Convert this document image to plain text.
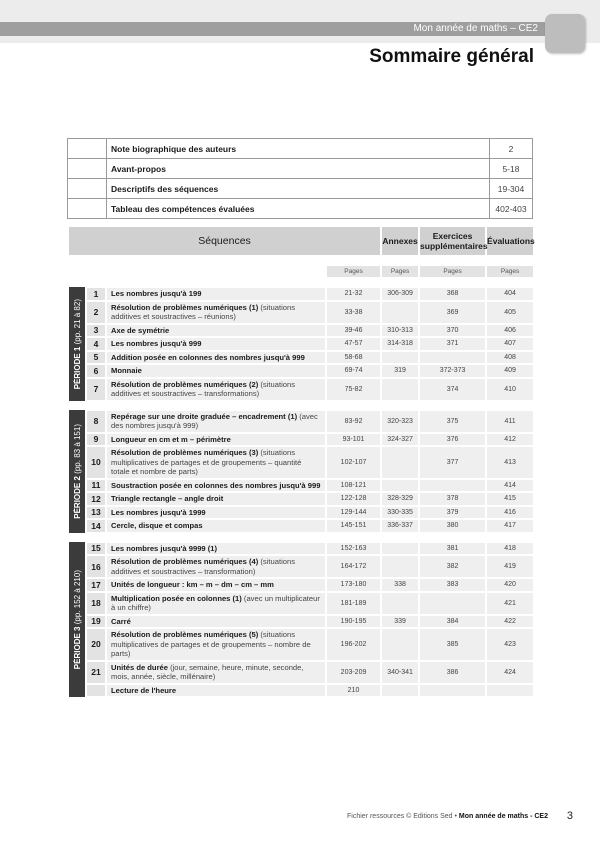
Mon année de maths – CE2
Sommaire général
	Note biographique des auteurs	2
	Avant-propos	5-18
	Descriptifs des séquences	19-304
	Tableau des compétences évaluées	402-403
Séquences				Annexes	Exercices supplémentaires	Évaluations

			Pages	Pages	Pages	Pages

PÉRIODE 1 (pp. 21 à 82)	1	Les nombres jusqu'à 199	21-32	306-309	368	404
	2	Résolution de problèmes numériques (1) (situations additives et soustractives – réunions)	33-38		369	405
	3	Axe de symétrie	39-46	310-313	370	406
	4	Les nombres jusqu'à 999	47-57	314-318	371	407
	5	Addition posée en colonnes des nombres jusqu'à 999	58-68			408
	6	Monnaie	69-74	319	372-373	409
	7	Résolution de problèmes numériques (2) (situations additives et soustractives – transformations)	75-82		374	410

PÉRIODE 2 (pp. 83 à 151)	8	Repérage sur une droite graduée – encadrement (1) (avec des nombres jusqu'à 999)	83-92	320-323	375	411
	9	Longueur en cm et m – périmètre	93-101	324-327	376	412
	10	Résolution de problèmes numériques (3) (situations multiplicatives de partages et de groupements – quantité totale et nombre de parts)	102-107		377	413
	11	Soustraction posée en colonnes des nombres jusqu'à 999	108-121			414
	12	Triangle rectangle – angle droit	122-128	328-329	378	415
	13	Les nombres jusqu'à 1999	129-144	330-335	379	416
	14	Cercle, disque et compas	145-151	336-337	380	417

PÉRIODE 3 (pp. 152 à 210)	15	Les nombres jusqu'à 9999 (1)	152-163		381	418
	16	Résolution de problèmes numériques (4) (situations additives et soustractives – transformation)	164-172		382	419
	17	Unités de longueur : km – m – dm – cm – mm	173-180	338	383	420
	18	Multiplication posée en colonnes (1) (avec un multiplicateur à un chiffre)	181-189			421
	19	Carré	190-195	339	384	422
	20	Résolution de problèmes numériques (5) (situations multiplicatives de partages et de groupements – nombre de parts)	196-202		385	423
	21	Unités de durée (jour, semaine, heure, minute, seconde, mois, année, siècle, millénaire)	203-209	340-341	386	424
		Lecture de l'heure	210			
Fichier ressources © Editions Sed • Mon année de maths - CE2 3
